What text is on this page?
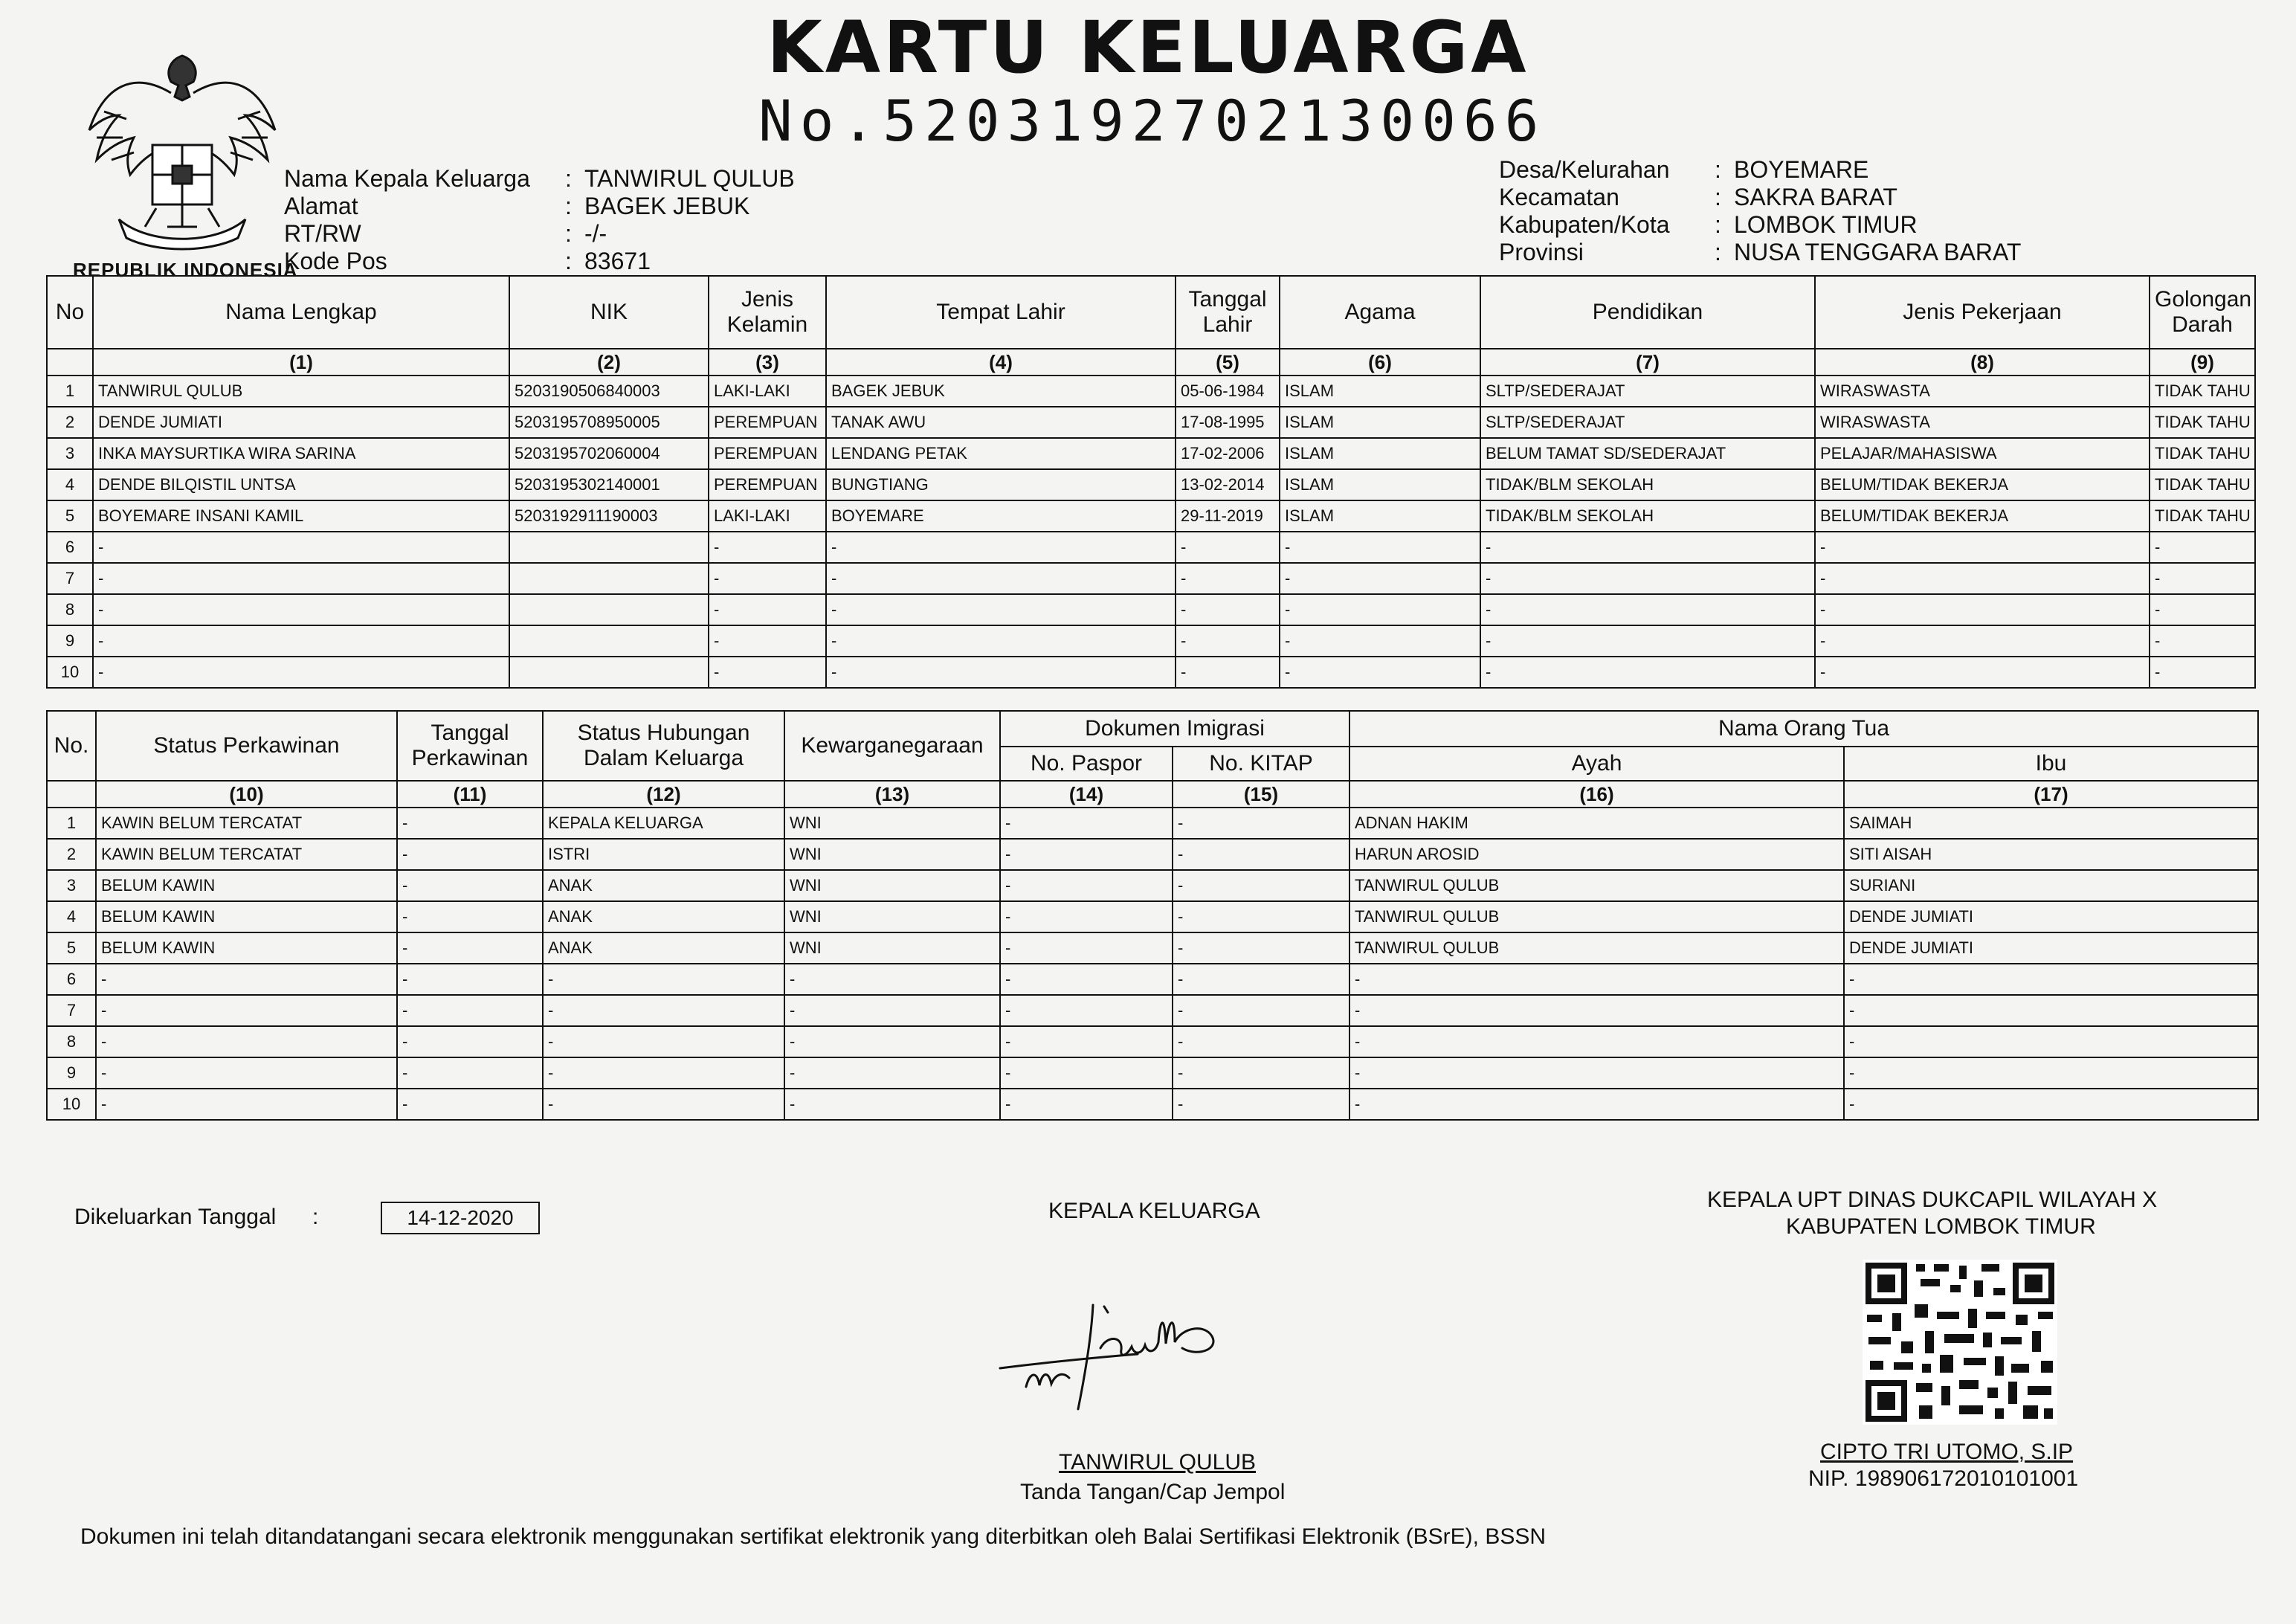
KARTU KELUARGA
No.5203192702130066
REPUBLIK INDONESIA
Nama Kepala Keluarga	: TANWIRUL QULUB
Alamat	: BAGEK JEBUK
RT/RW	: -/-
Kode Pos	: 83671
Desa/Kelurahan	: BOYEMARE
Kecamatan	: SAKRA BARAT
Kabupaten/Kota	: LOMBOK TIMUR
Provinsi	: NUSA TENGGARA BARAT
No	Nama Lengkap	NIK	Jenis Kelamin	Tempat Lahir	Tanggal Lahir	Agama	Pendidikan	Jenis Pekerjaan	Golongan Darah
	(1)	(2)	(3)	(4)	(5)	(6)	(7)	(8)	(9)
1	TANWIRUL QULUB	5203190506840003	LAKI-LAKI	BAGEK JEBUK	05-06-1984	ISLAM	SLTP/SEDERAJAT	WIRASWASTA	TIDAK TAHU
2	DENDE JUMIATI	5203195708950005	PEREMPUAN	TANAK AWU	17-08-1995	ISLAM	SLTP/SEDERAJAT	WIRASWASTA	TIDAK TAHU
3	INKA MAYSURTIKA WIRA SARINA	5203195702060004	PEREMPUAN	LENDANG PETAK	17-02-2006	ISLAM	BELUM TAMAT SD/SEDERAJAT	PELAJAR/MAHASISWA	TIDAK TAHU
4	DENDE BILQISTIL UNTSA	5203195302140001	PEREMPUAN	BUNGTIANG	13-02-2014	ISLAM	TIDAK/BLM SEKOLAH	BELUM/TIDAK BEKERJA	TIDAK TAHU
5	BOYEMARE INSANI KAMIL	5203192911190003	LAKI-LAKI	BOYEMARE	29-11-2019	ISLAM	TIDAK/BLM SEKOLAH	BELUM/TIDAK BEKERJA	TIDAK TAHU
6	-		-	-	-	-	-	-	-
7	-		-	-	-	-	-	-	-
8	-		-	-	-	-	-	-	-
9	-		-	-	-	-	-	-	-
10	-		-	-	-	-	-	-	-
No.	Status Perkawinan	Tanggal Perkawinan	Status Hubungan Dalam Keluarga	Kewarganegaraan	Dokumen Imigrasi		Nama Orang Tua	
					No. Paspor	No. KITAP	Ayah	Ibu
	(10)	(11)	(12)	(13)	(14)	(15)	(16)	(17)
1	KAWIN BELUM TERCATAT	-	KEPALA KELUARGA	WNI	-	-	ADNAN HAKIM	SAIMAH
2	KAWIN BELUM TERCATAT	-	ISTRI	WNI	-	-	HARUN AROSID	SITI AISAH
3	BELUM KAWIN	-	ANAK	WNI	-	-	TANWIRUL QULUB	SURIANI
4	BELUM KAWIN	-	ANAK	WNI	-	-	TANWIRUL QULUB	DENDE JUMIATI
5	BELUM KAWIN	-	ANAK	WNI	-	-	TANWIRUL QULUB	DENDE JUMIATI
6	-	-	-	-	-	-	-	-
7	-	-	-	-	-	-	-	-
8	-	-	-	-	-	-	-	-
9	-	-	-	-	-	-	-	-
10	-	-	-	-	-	-	-	-
Dikeluarkan Tanggal :	14-12-2020	KEPALA KELUARGA
TANWIRUL QULUB
Tanda Tangan/Cap Jempol
KEPALA UPT DINAS DUKCAPIL WILAYAH X
KABUPATEN LOMBOK TIMUR
CIPTO TRI UTOMO, S.IP
NIP. 198906172010101001
Dokumen ini telah ditandatangani secara elektronik menggunakan sertifikat elektronik yang diterbitkan oleh Balai Sertifikasi Elektronik (BSrE), BSSN
